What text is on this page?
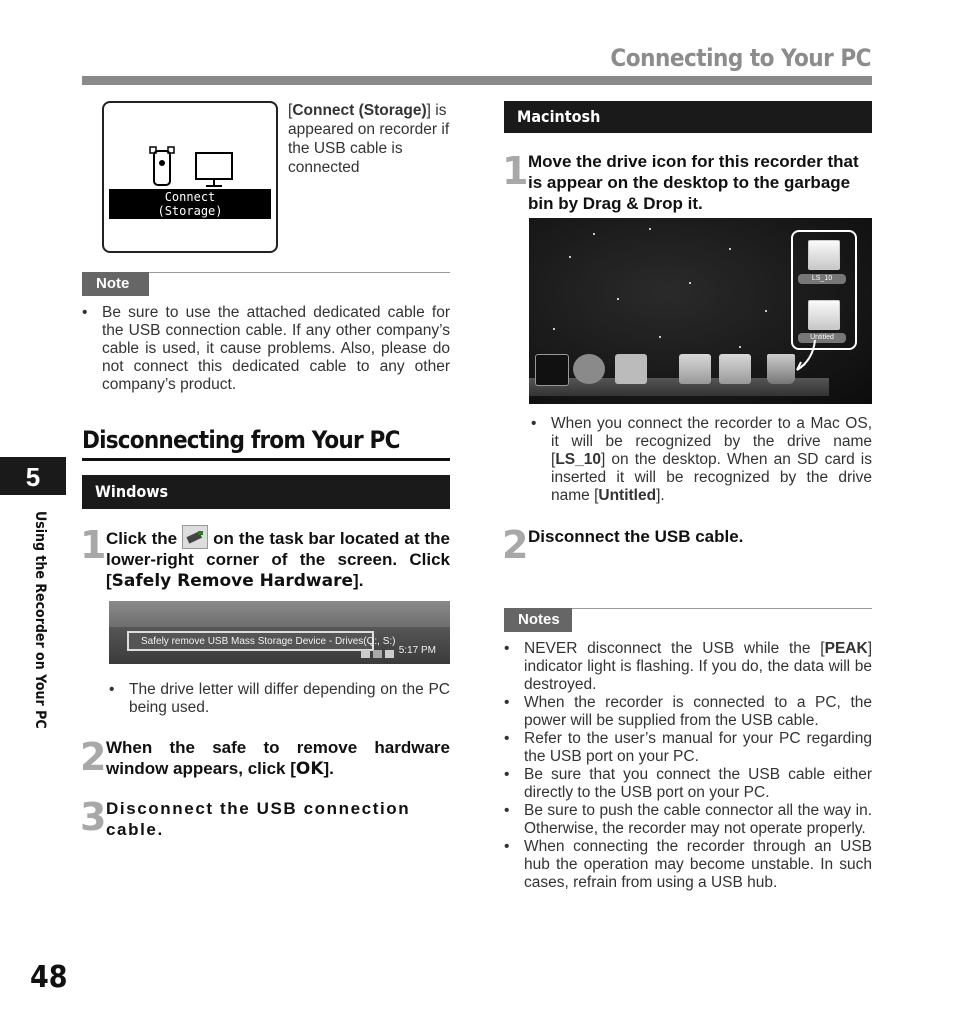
Connecting to Your PC
Connect
(Storage)
[Connect (Storage)] is appeared on recorder if the USB cable is connected
Note
• Be sure to use the attached dedicated cable for the USB connection cable. If any other company’s cable is used, it cause problems. Also, please do not connect this dedicated cable to any other company’s product.
Disconnecting from Your PC
Windows
1 Click the on the task bar located at the lower-right corner of the screen. Click [Safely Remove Hardware].
Safely remove USB Mass Storage Device - Drives(Q:, S:)
5:17 PM
• The drive letter will differ depending on the PC being used.
2 When the safe to remove hardware window appears, click [OK].
3 Disconnect the USB connection cable.
Macintosh
1 Move the drive icon for this recorder that is appear on the desktop to the garbage bin by Drag & Drop it.
LS_10
Untitled
• When you connect the recorder to a Mac OS, it will be recognized by the drive name [LS_10] on the desktop. When an SD card is inserted it will be recognized by the drive name [Untitled].
2 Disconnect the USB cable.
Notes
• NEVER disconnect the USB while the [PEAK] indicator light is flashing. If you do, the data will be destroyed.
• When the recorder is connected to a PC, the power will be supplied from the USB cable.
• Refer to the user’s manual for your PC regarding the USB port on your PC.
• Be sure that you connect the USB cable either directly to the USB port on your PC.
• Be sure to push the cable connector all the way in. Otherwise, the recorder may not operate properly.
• When connecting the recorder through an USB hub the operation may become unstable. In such cases, refrain from using a USB hub.
5
Using the Recorder on Your PC
48
